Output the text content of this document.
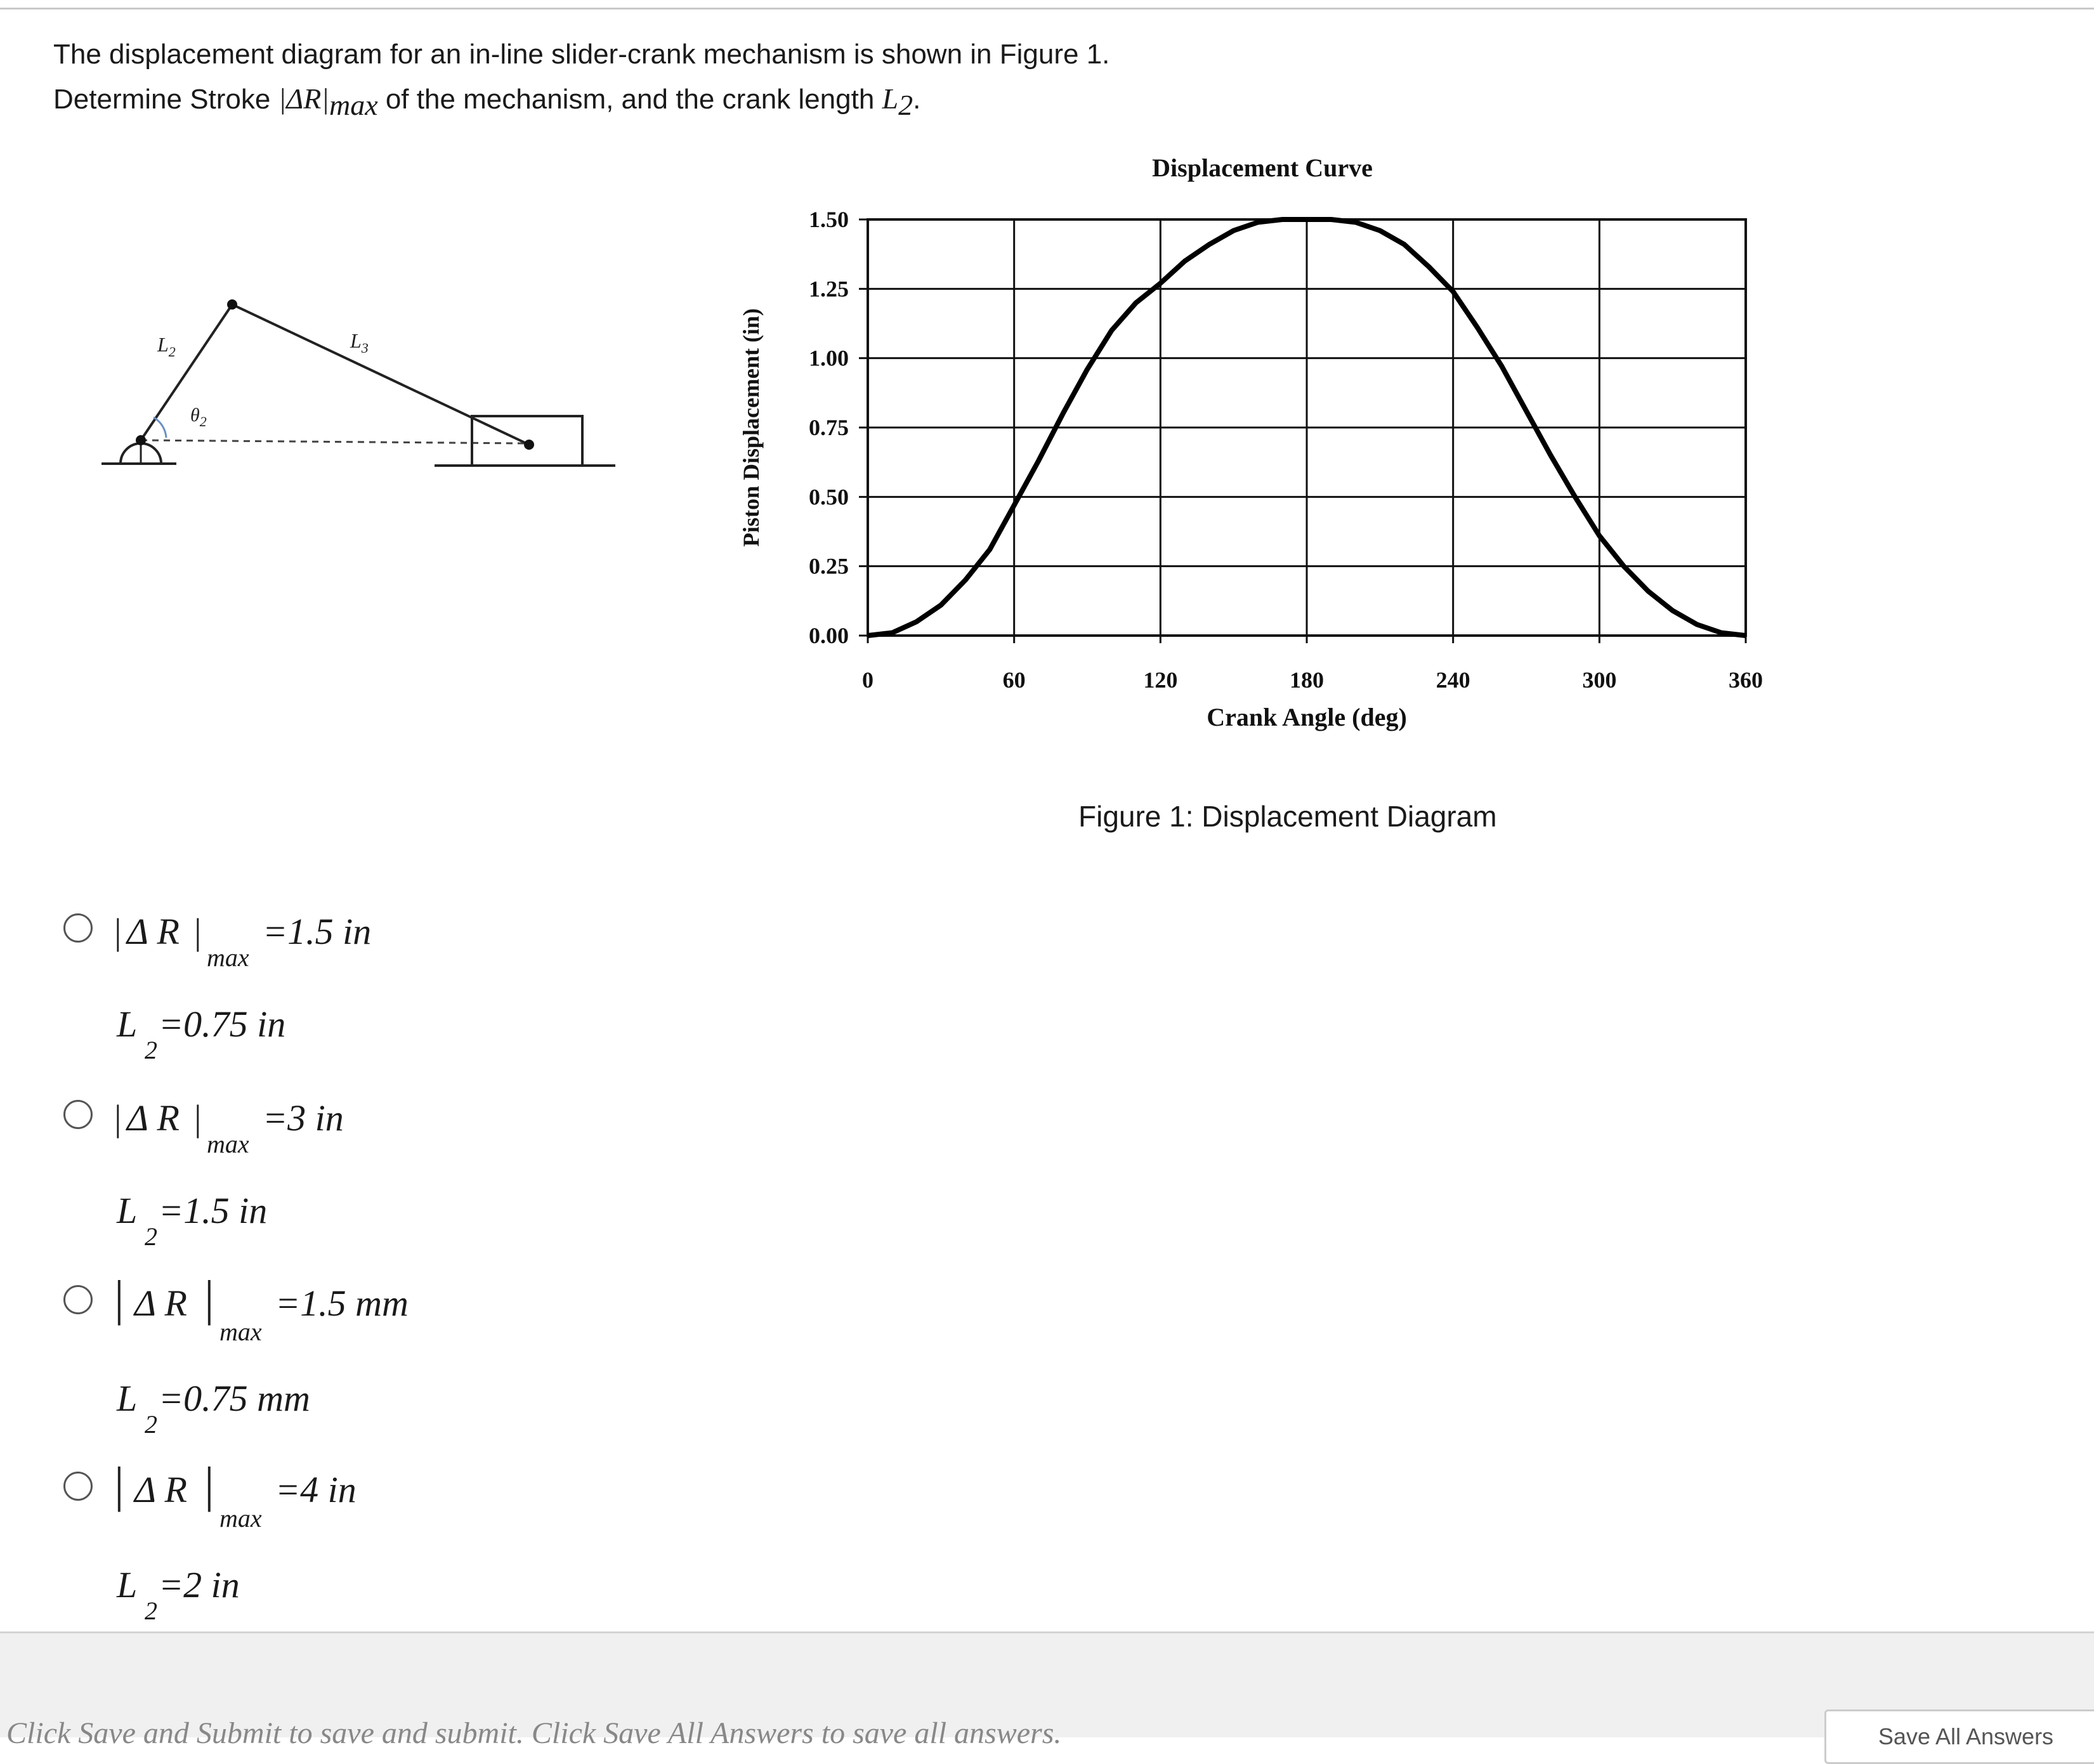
The displacement diagram for an in-line slider-crank mechanism is shown in Figure 1.
Determine Stroke $|\Delta R|_{max}$ of the mechanism, and the crank length $L_2$.
$L_2$	$L_3$
$\theta_2$
0	60	120	180	240	300	360
0.00
0.25
0.50
0.75
1.00
1.25
1.50
Displacement Curve
Crank Angle (deg)
Piston Displacement (in)
Figure 1: Displacement Diagram
| Δ R |
max
=1.5 in
L
2
=0.75 in
| Δ R |
max
=3 in
L
2
=1.5 in
| Δ R |
max
=1.5 mm
L
2
=0.75 mm
| Δ R |
max
=4 in
L
2
=2 in
Click Save and Submit to save and submit. Click Save All Answers to save all answers.	Save All Answers
